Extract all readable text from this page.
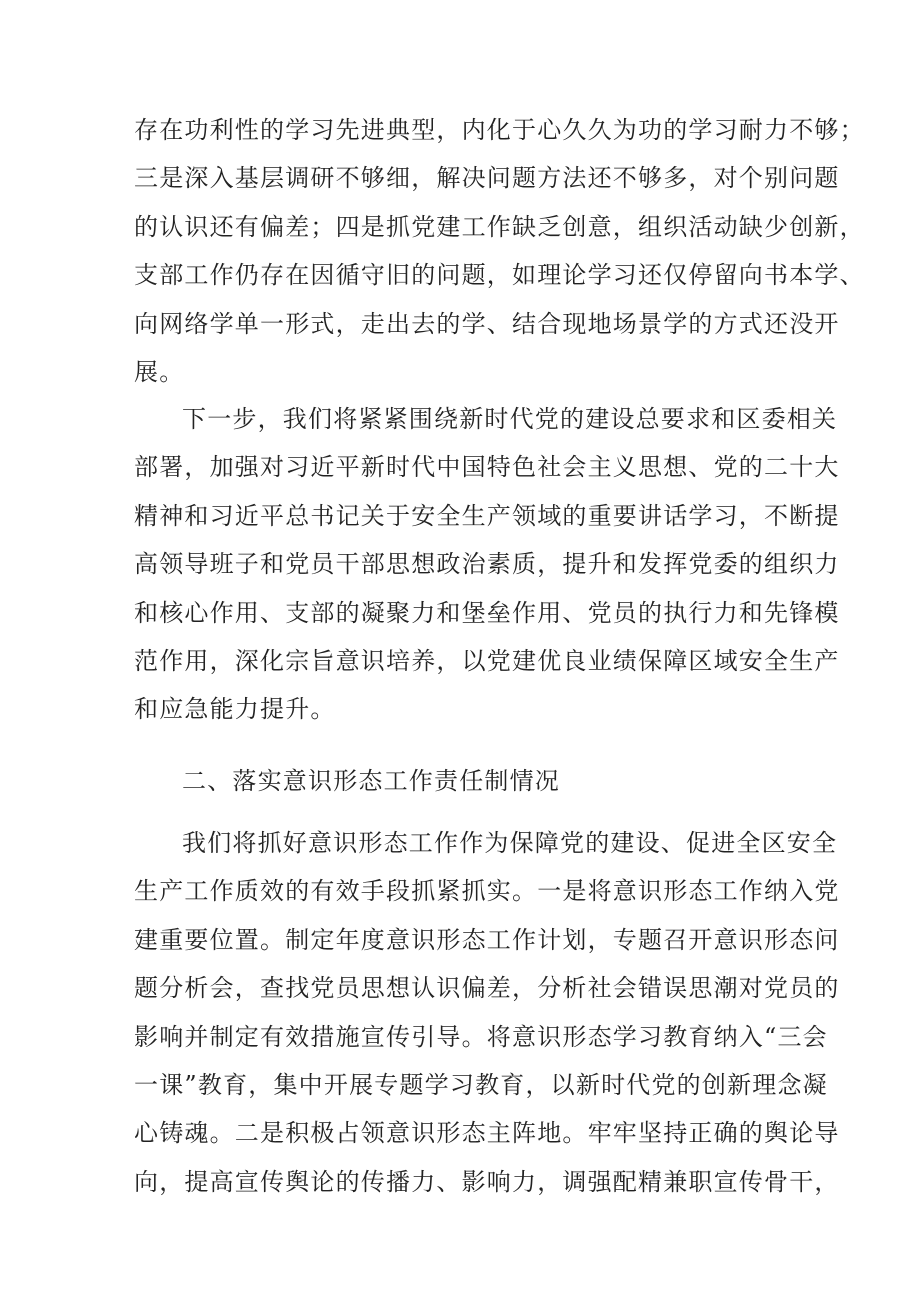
存在功利性的学习先进典型，内化于心久久为功的学习耐力不够；
三是深入基层调研不够细，解决问题方法还不够多，对个别问题
的认识还有偏差；四是抓党建工作缺乏创意，组织活动缺少创新，
支部工作仍存在因循守旧的问题，如理论学习还仅停留向书本学、
向网络学单一形式，走出去的学、结合现地场景学的方式还没开
展。
下一步，我们将紧紧围绕新时代党的建设总要求和区委相关
部署，加强对习近平新时代中国特色社会主义思想、党的二十大
精神和习近平总书记关于安全生产领域的重要讲话学习，不断提
高领导班子和党员干部思想政治素质，提升和发挥党委的组织力
和核心作用、支部的凝聚力和堡垒作用、党员的执行力和先锋模
范作用，深化宗旨意识培养，以党建优良业绩保障区域安全生产
和应急能力提升。
二、落实意识形态工作责任制情况
我们将抓好意识形态工作作为保障党的建设、促进全区安全
生产工作质效的有效手段抓紧抓实。一是将意识形态工作纳入党
建重要位置。制定年度意识形态工作计划，专题召开意识形态问
题分析会，查找党员思想认识偏差，分析社会错误思潮对党员的
影响并制定有效措施宣传引导。将意识形态学习教育纳入“三会
一课”教育，集中开展专题学习教育，以新时代党的创新理念凝
心铸魂。二是积极占领意识形态主阵地。牢牢坚持正确的舆论导
向，提高宣传舆论的传播力、影响力，调强配精兼职宣传骨干，
